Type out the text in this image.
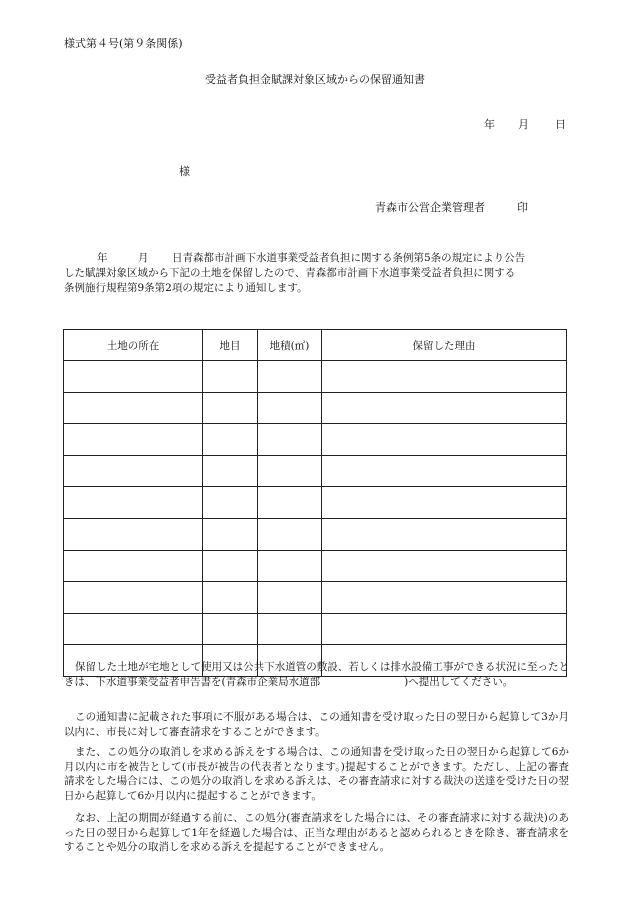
様式第４号(第９条関係)
受益者負担金賦課対象区域からの保留通知書
年 月 日
様
青森市公営企業管理者	印
年	月 日青森都市計画下水道事業受益者負担に関する条例第5条の規定により公告
した賦課対象区域から下記の土地を保留したので、青森都市計画下水道事業受益者負担に関する
条例施行規程第9条第2項の規定により通知します。
土地の所在	地目	地積(㎡)	保留した理由

保留した土地が宅地として使用又は公共下水道管の敷設、若しくは排水設備工事ができる状況に至ったときは、下水道事業受益者申告書を(青森市企業局水道部	)へ提出してください。
この通知書に記載された事項に不服がある場合は、この通知書を受け取った日の翌日から起算して3か月以内に、市長に対して審査請求をすることができます。
また、この処分の取消しを求める訴えをする場合は、この通知書を受け取った日の翌日から起算して6か月以内に市を被告として(市長が被告の代表者となります。)提起することができます。ただし、上記の審査請求をした場合には、この処分の取消しを求める訴えは、その審査請求に対する裁決の送達を受けた日の翌日から起算して6か月以内に提起することができます。
なお、上記の期間が経過する前に、この処分(審査請求をした場合には、その審査請求に対する裁決)のあった日の翌日から起算して1年を経過した場合は、正当な理由があると認められるときを除き、審査請求をすることや処分の取消しを求める訴えを提起することができません。
